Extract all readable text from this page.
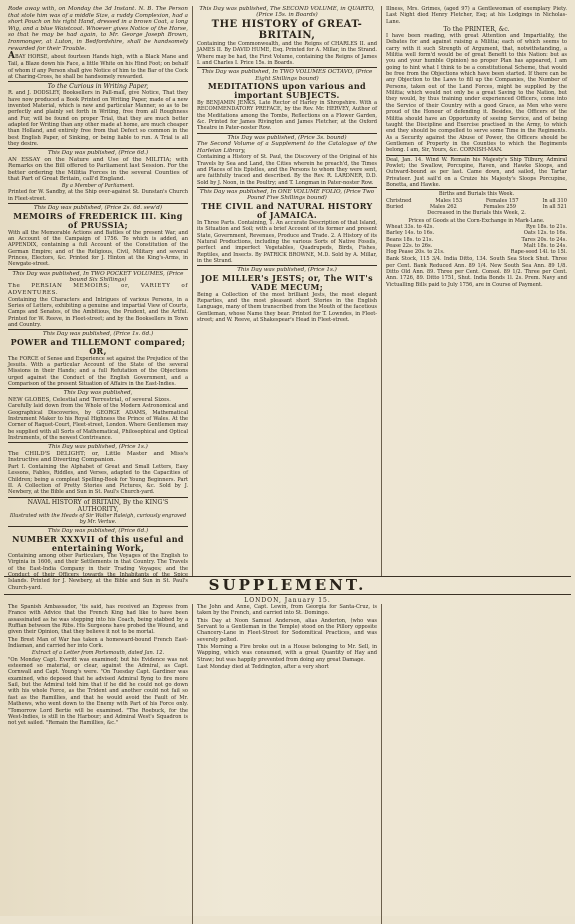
Rode away with, on Monday the 3d Instant. N. B. The Person that stole him was of a middle Size, a ruddy Complexion, had a short Pouch on his right Hand, dressed in a brown Coat, a long Wig, and a blue Waistcoat. Whoever gives Notice of the Horse, so that he may be had again, to Mr. George Joseph Brown, Ironmonger, at Luton, in Bedfordshire, shall be handsomely rewarded for their Trouble.
ABAY HORSE, about fourteen Hands high, with a Black Mane and Tail, a Blaze down his Face, a little White on his Hind Foot; on behalf of whom if any Person shall give Notice of him to the Bar of the Cock at Charing-Cross, he shall be handsomely rewarded.
To the Curious in Writing Paper,
R. and J. DODSLEY, Booksellers in Pall-mall, give Notice, That they have now produced a Book Printed on Writing Paper, made of a new invented Material, which is new and particular Manner, so as to be perfectly and plainly set forth in Writing, free from all Roughness and Fur, will be found on proper Trial, that they are much better adapted for Writing than any other made at home, are much cheaper than Holland, and entirely free from that Defect so common in the best English Paper, of Sinking, or being liable to run. A Trial is all they desire.
This Day was published, (Price 6d.)
AN ESSAY on the Nature and Use of the MILITIA; with Remarks on the Bill offered to Parliament last Session. For the better ordering the Militia Forces in the several Counties of that Part of Great Britain, call'd England.
By a Member of Parliament.
Printed for W. Sandby, at the Ship over-against St. Dunstan's Church in Fleet-street.
This Day was published, (Price 2s. 6d. sew'd)
MEMOIRS of FREDERICK III. King of PRUSSIA;
With all the Memorable Actions and Battles of the present War, and an Account of the Campaign of 1756. To which is added, an APPENDIX, containing a full Account of the Constitution of the German Empire; and of the Religious, Civil, Military and several Princes, Electors, &c. Printed for J. Hinton at the King's-Arms, in Newgate-street.
This Day was published, In TWO POCKET VOLUMES, (Price bound Six Shillings)
The PERSIAN MEMOIRS; or, VARIETY of ADVENTURES.
Containing the Characters and Intrigues of various Persons, in a Series of Letters, exhibiting a genuine and impartial View of Courts, Camps and Senates, of the Ambitious, the Prudent, and the Artful. Printed for W. Reeve, in Fleet-street; and by the Booksellers in Town and Country.
This Day was published, (Price 1s. 6d.)
POWER and TILLEMONT compared; OR,
The FORCE of Sense and Experience set against the Prejudice of the Jesuits. With a particular Account of the State of the several Missions in their Hands; and a full Refutation of the Objections urged against the Conduct of the English Government, and a Comparison of the present Situation of Affairs in the East-Indies.
This Day was published,
NEW GLOBES, Celestial and Terrestrial, of several Sizes.
Carefully laid down from the Whole of the Modern Astronomical and Geographical Discoveries, by GEORGE ADAMS, Mathematical Instrument Maker to his Royal Highness the Prince of Wales. At the Corner of Raquet-Court, Fleet-street, London. Where Gentlemen may be supplied with all Sorts of Mathematical, Philosophical and Optical Instruments, of the newest Contrivance.
This Day was published, (Price 1s.)
The CHILD'S DELIGHT; or, Little Master and Miss's Instructive and Diverting Companion.
Part I. Containing the Alphabet of Great and Small Letters, Easy Lessons, Fables, Riddles, and Verses, adapted to the Capacities of Children; being a compleat Spelling-Book for Young Beginners. Part II. A Collection of Pretty Stories and Pictures, &c. Sold by J. Newbery, at the Bible and Sun in St. Paul's Church-yard.
NAVAL HISTORY of BRITAIN, By the KING'S AUTHORITY,
Illustrated with the Heads of Sir Walter Raleigh, curiously engraved by Mr. Vertue.
This Day was published, (Price 6d.)
NUMBER XXXVII of this useful and entertaining Work,
Containing among other Particulars, The Voyages of the English to Virginia in 1606, and their Settlements in that Country. The Travels of the East-India Company in their Trading Voyages; and the Conduct of their Officers towards the Inhabitants of the Spice Islands. Printed for J. Newbery, at the Bible and Sun in St. Paul's Church-yard.
This Day was published, The SECOND VOLUME, in QUARTO, (Price 15s. in Boards)
THE HISTORY of GREAT-BRITAIN,
Containing the Commonwealth, and the Reigns of CHARLES II. and JAMES II. By DAVID HUME, Esq. Printed for A. Millar, in the Strand. Where may be had, the First Volume, containing the Reigns of James I. and Charles I. Price 15s. in Boards.
This Day was published, In TWO VOLUMES OCTAVO, (Price Eight Shillings bound)
MEDITATIONS upon various and important SUBJECTS.
By BENJAMIN JENKS, Late Rector of Harley in Shropshire. With a RECOMMENDATORY PREFACE, by the Rev. Mr. HERVEY, Author of the Meditations among the Tombs, Reflections on a Flower Garden, &c. Printed for James Rivington and James Fletcher, at the Oxford Theatre in Pater-noster Row.
This Day was published, (Price 3s. bound)
The Second Volume of a Supplement to the Catalogue of the Harleian Library,
Containing a History of St. Paul, the Discovery of the Original of his Travels by Sea and Land, the Cities wherein he preach'd, the Times and Places of his Epistles, and the Persons to whom they were sent, are faithfully traced and described. By the Rev. R. LARDNER, D.D. Sold by J. Noon, in the Poultry; and T. Longman in Pater-noster Row.
This Day was published, In ONE VOLUME FOLIO, (Price Two Pound Five Shillings bound)
THE CIVIL and NATURAL HISTORY of JAMAICA.
In Three Parts. Containing, 1. An accurate Description of that Island, its Situation and Soil; with a brief Account of its former and present State, Government, Revenues, Produce and Trade. 2. A History of its Natural Productions, including the various Sorts of Native Fossils, perfect and imperfect Vegetables, Quadrupeds, Birds, Fishes, Reptiles, and Insects. By PATRICK BROWNE, M.D. Sold by A. Millar, in the Strand.
This Day was published, (Price 1s.)
JOE MILLER's JESTS; or, The WIT's VADE MECUM;
Being a Collection of the most brilliant Jests, the most elegant Reparties, and the most pleasant short Stories in the English Language, many of them transcribed from the Mouth of the facetious Gentleman, whose Name they bear. Printed for T. Lowndes, in Fleet-street; and W. Reeve, at Shakespear's Head in Fleet-street.
Illness, Mrs. Grimes, (aged 97) a Gentlewoman of exemplary Piety. Last Night died Henry Fletcher, Esq; at his Lodgings in Nicholas-Lane.
To the PRINTER, &c.
I have been reading, with great Attention and Impartiality, the Debates for and against raising a Militia; each of which seems to carry with it such Strength of Argument, that, notwithstanding, a Militia well form'd would be of great Benefit to this Nation: but as you and your humble Opinion) no proper Plan has appeared, I am going to hint what I think to be a constitutional Scheme, that would be free from the Objections which have been started. If there can be any Objection to the Laws to fill up the Companies, the Number of Persons, taken out of the Land Forces, might be supplied by the Militia; which would not only be a great Saving to the Nation, but they would, by thus training under experienced Officers, come into the Service of their Country with a good Grace, as Men who were proud of the Honour of defending it. Besides, the Officers of the Militia should have an Opportunity of seeing Service, and of being taught the Discipline and Exercise practised in the Army, to which end they should be compelled to serve some Time in the Regiments. As a Security against the Abuse of Power, the Officers should be Gentlemen of Property in the Counties to which the Regiments belong. I am, Sir, Yours, &c. CORNISH-MAN.
Deal, Jan. 14. Wind W. Remain his Majesty's Ship Tilbury, Admiral Powlet; the Swallow, Porcupine, Raven, and Hawke Sloops, and Outward-bound as per last. Came down, and sailed, the Tartar Privateer. Just sail'd on a Cruize his Majesty's Sloops Porcupine, Bonetta, and Hawke.
Births and Burials this Week.
Christned	Males 153	Females 157	In all 310
Buried	Males 262	Females 259	In all 521
Decreased in the Burials this Week, 2.
Prices of Goods at the Corn-Exchange in Mark-Lane.
Wheat 33s. to 42s.	Rye 18s. to 21s.
Barley 14s. to 16s.	Oats 12s. to 16s.
Beans 18s. to 21s.	Tares 20s. to 24s.
Pease 22s. to 26s.	Malt 18s. to 24s.
Hog Pease 20s. to 21s.	Rape-seed 14l. to 15l.
Bank Stock, 115 3/4. India Ditto, 134. South Sea Stock Shut. Three per Cent. Bank Reduced Ann. 89 1/4. New South Sea Ann. 89 1/8. Ditto Old Ann. 89. Three per Cent. Consol. 89 1/2. Three per Cent. Ann. 1726, 89. Ditto 1751, Shut. India Bonds 1l. 2s. Prem. Navy and Victualling Bills paid to July 1756, are in Course of Payment.
SUPPLEMENT.
LONDON, January 15.
The Spanish Ambassador, 'tis said, has received an Express from France with Advice that the French King had like to have been assassinated as he was stepping into his Coach, being stabbed by a Ruffian between the Ribs. His Surgeons have probed the Wound, and given their Opinion, that they believe it not to be mortal.
The Brest Man of War has taken a homeward-bound French East-Indiaman, and carried her into Cork.
Extract of a Letter from Portsmouth, dated Jan. 12.
"On Monday Capt. Everitt was examined; but his Evidence was not esteemed so material, or clear, against the Admiral, as Capt. Cornwall and Capt. Young's were. "On Tuesday Capt. Gardiner was examined, who deposed that he advised Admiral Byng to fire more Sail, but the Admiral told him that if he did he could not go down with his whole Force, as the Trident and another could not fail so fast as the Ramillies, and that he would avoid the Fault of Mr. Mathews, who went down to the Enemy with Part of his Force only. "Tomorrow Lord Bertie will be examined. "The Roebuck, for the West-Indies, is still in the Harbour; and Admiral West's Squadron is not yet sailed. "Remain the Ramillies, &c."
The John and Anne, Capt. Lewin, from Georgia for Santa-Cruz, is taken by the French, and carried into St. Domingo.
This Day at Noon Samuel Anderson, alias Anderton, (who was Servant to a Gentleman in the Temple) stood on the Pillory opposite Chancery-Lane in Fleet-Street for Sodomitical Practices, and was severely pelted.
This Morning a Fire broke out in a House belonging to Mr. Sell, in Wapping, which was consumed, with a great Quantity of Hay and Straw; but was happily prevented from doing any great Damage.
Last Monday died at Teddington, after a very short
